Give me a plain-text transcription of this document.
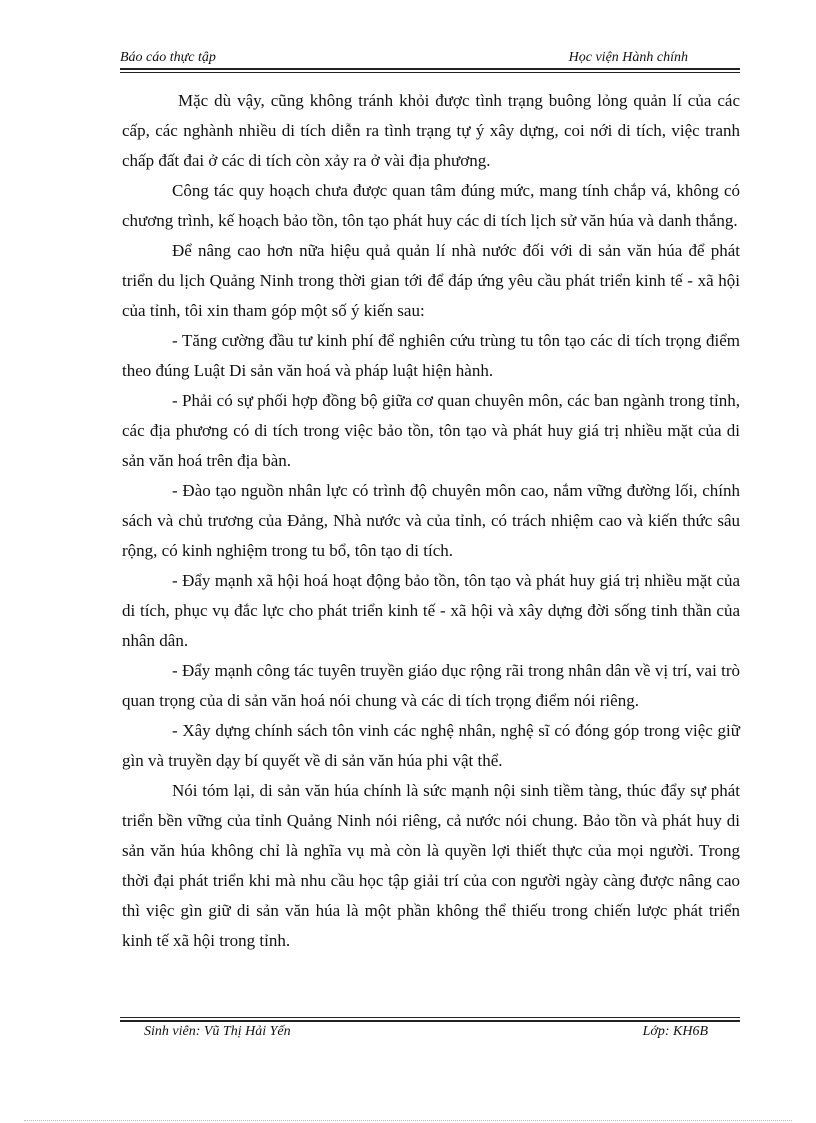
Báo cáo thực tập	Học viện Hành chính

Mặc dù vậy, cũng không tránh khỏi được tình trạng buông lỏng quản lí của các cấp, các nghành nhiều di tích diễn ra tình trạng tự ý xây dựng, coi nới di tích, việc tranh chấp đất đai ở các di tích còn xảy ra ở vài địa phương.

Công tác quy hoạch chưa được quan tâm đúng mức, mang tính chắp vá, không có chương trình, kế hoạch bảo tồn, tôn tạo phát huy các di tích lịch sử văn húa và danh thắng.

Để nâng cao hơn nữa hiệu quả quản lí nhà nước đối với di sản văn húa để phát triển du lịch Quảng Ninh trong thời gian tới để đáp ứng yêu cầu phát triển kinh tế - xã hội của tỉnh, tôi xin tham góp một số ý kiến sau:

- Tăng cường đầu tư kinh phí để nghiên cứu trùng tu tôn tạo các di tích trọng điểm theo đúng Luật Di sản văn hoá và pháp luật hiện hành.

- Phải có sự phối hợp đồng bộ giữa cơ quan chuyên môn, các ban ngành trong tỉnh, các địa phương có di tích trong việc bảo tồn, tôn tạo và phát huy giá trị nhiều mặt của di sản văn hoá trên địa bàn.

- Đào tạo nguồn nhân lực có trình độ chuyên môn cao, nắm vững đường lối, chính sách và chủ trương của Đảng, Nhà nước và của tỉnh, có trách nhiệm cao và kiến thức sâu rộng, có kinh nghiệm trong tu bổ, tôn tạo di tích.

- Đẩy mạnh xã hội hoá hoạt động bảo tồn, tôn tạo và phát huy giá trị nhiều mặt của di tích, phục vụ đắc lực cho phát triển kinh tế - xã hội và xây dựng đời sống tinh thần của nhân dân.

- Đẩy mạnh công tác tuyên truyền giáo dục rộng rãi trong nhân dân về vị trí, vai trò quan trọng của di sản văn hoá nói chung và các di tích trọng điểm nói riêng.

- Xây dựng chính sách tôn vinh các nghệ nhân, nghệ sĩ có đóng góp trong việc giữ gìn và truyền dạy bí quyết về di sản văn húa phi vật thể.

Nói tóm lại, di sản văn húa chính là sức mạnh nội sinh tiềm tàng, thúc đẩy sự phát triển bền vững của tỉnh Quảng Ninh nói riêng, cả nước nói chung. Bảo tồn và phát huy di sản văn húa không chỉ là nghĩa vụ mà còn là quyền lợi thiết thực của mọi người. Trong thời đại phát triển khi mà nhu cầu học tập giải trí của con người ngày càng được nâng cao thì việc gìn giữ di sản văn húa là một phần không thể thiếu trong chiến lược phát triển kinh tế xã hội trong tỉnh.

Sinh viên: Vũ Thị Hải Yến	Lớp: KH6B
